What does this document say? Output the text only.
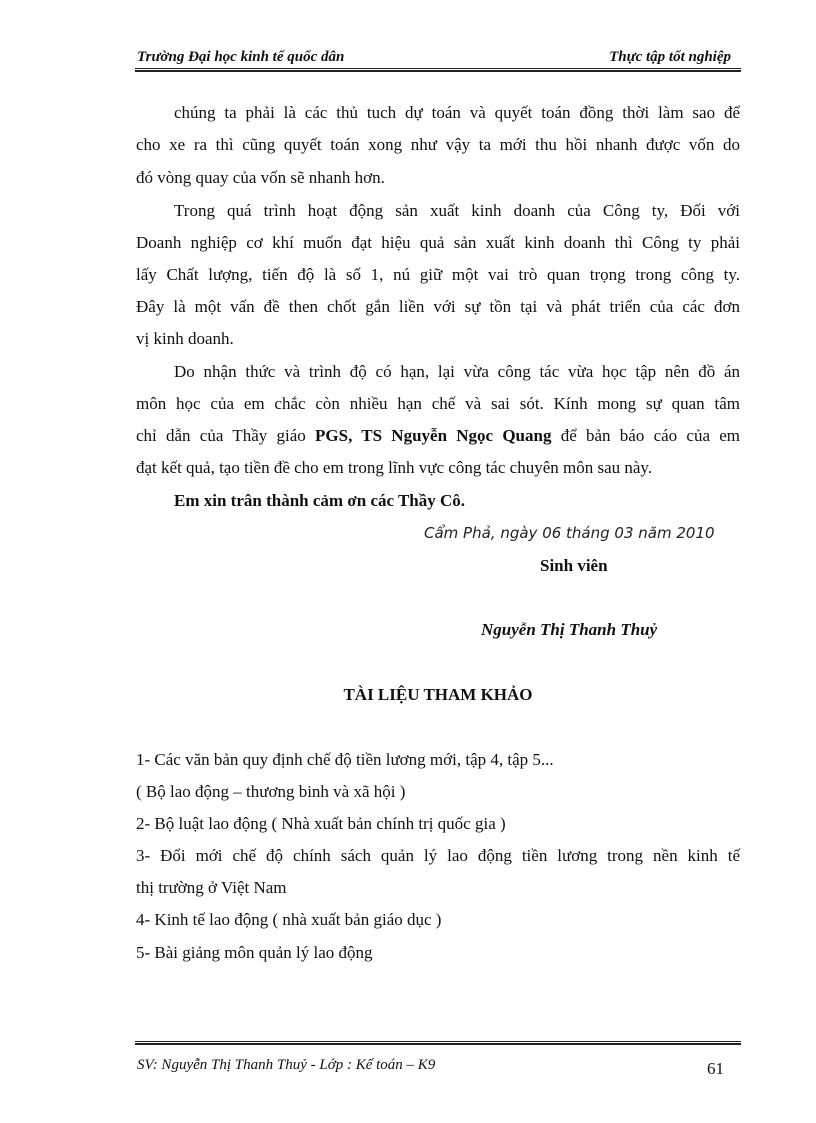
Trường Đại học kinh tế quốc dân	Thực tập tốt nghiệp
chúng ta phải là các thủ tuch dự toán và quyết toán đồng thời làm sao để
cho xe ra thì cũng quyết toán xong như vậy ta mới thu hồi nhanh được vốn do
đó vòng quay của vốn sẽ nhanh hơn.
Trong quá trình hoạt động sản xuất kinh doanh của Công ty, Đối với
Doanh nghiệp cơ khí muốn đạt hiệu quả sản xuất kinh doanh thì Công ty phải
lấy Chất lượng, tiến độ là số 1, nú giữ một vai trò quan trọng trong công ty.
Đây là một vấn đề then chốt gắn liền với sự tồn tại và phát triển của các đơn
vị kinh doanh.
Do nhận thức và trình độ có hạn, lại vừa công tác vừa học tập nên đồ án
môn học của em chắc còn nhiều hạn chế và sai sót. Kính mong sự quan tâm
chỉ dẫn của Thầy giáo PGS, TS Nguyễn Ngọc Quang để bản báo cáo của em
đạt kết quả, tạo tiền đề cho em trong lĩnh vực công tác chuyên môn sau này.
Em xin trân thành cảm ơn các Thầy Cô.
Cẩm Phả, ngày 06 tháng 03 năm 2010
Sinh viên
Nguyễn Thị Thanh Thuỷ
TÀI LIỆU THAM KHẢO
1- Các văn bản quy định chế độ tiền lương mới, tập 4, tập 5...
( Bộ lao động – thương binh và xã hội )
2- Bộ luật lao động ( Nhà xuất bản chính trị quốc gia )
3- Đổi mới chế độ chính sách quản lý lao động tiền lương trong nền kinh tế
thị trường ở Việt Nam
4- Kinh tế lao động ( nhà xuất bản giáo dục )
5- Bài giảng môn quản lý lao động
SV: Nguyễn Thị Thanh Thuỷ - Lớp : Kế toán – K9	61
